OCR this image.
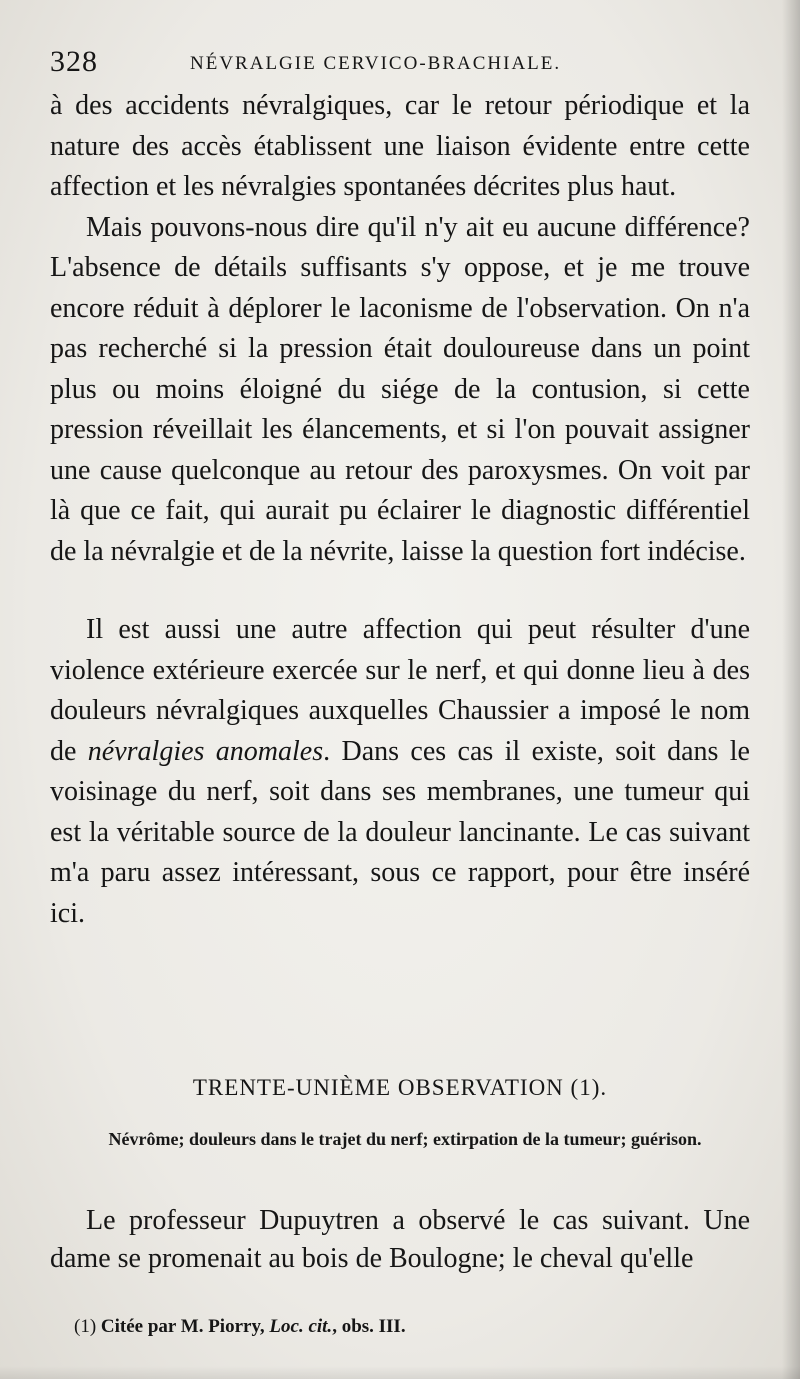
328	NÉVRALGIE CERVICO-BRACHIALE.

à des accidents névralgiques, car le retour périodique et la nature des accès établissent une liaison évidente entre cette affection et les névralgies spontanées décrites plus haut.

Mais pouvons-nous dire qu'il n'y ait eu aucune différence? L'absence de détails suffisants s'y oppose, et je me trouve encore réduit à déplorer le laconisme de l'observation. On n'a pas recherché si la pression était douloureuse dans un point plus ou moins éloigné du siége de la contusion, si cette pression réveillait les élancements, et si l'on pouvait assigner une cause quelconque au retour des paroxysmes. On voit par là que ce fait, qui aurait pu éclairer le diagnostic différentiel de la névralgie et de la névrite, laisse la question fort indécise.

Il est aussi une autre affection qui peut résulter d'une violence extérieure exercée sur le nerf, et qui donne lieu à des douleurs névralgiques auxquelles Chaussier a imposé le nom de névralgies anomales. Dans ces cas il existe, soit dans le voisinage du nerf, soit dans ses membranes, une tumeur qui est la véritable source de la douleur lancinante. Le cas suivant m'a paru assez intéressant, sous ce rapport, pour être inséré ici.

TRENTE-UNIÈME OBSERVATION (1).
Névrôme; douleurs dans le trajet du nerf; extirpation de la tumeur; guérison.

Le professeur Dupuytren a observé le cas suivant. Une dame se promenait au bois de Boulogne; le cheval qu'elle

(1) Citée par M. Piorry, Loc. cit., obs. III.
